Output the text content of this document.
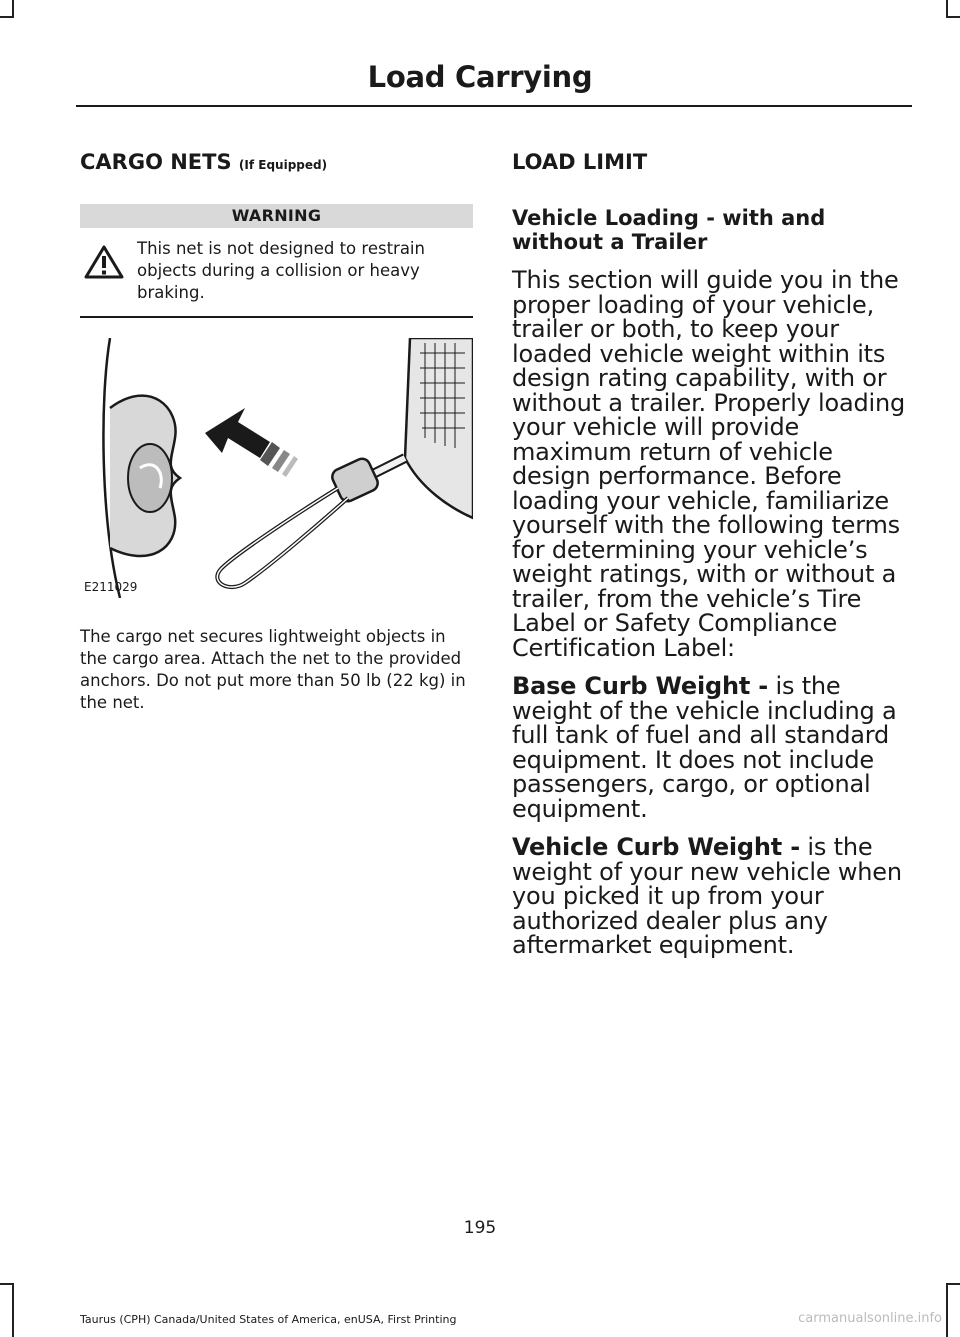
Load Carrying
CARGO NETS (If Equipped)
WARNING
This net is not designed to restrain objects during a collision or heavy braking.
E211029
The cargo net secures lightweight objects in the cargo area. Attach the net to the provided anchors. Do not put more than 50 lb (22 kg) in the net.
LOAD LIMIT
Vehicle Loading - with and without a Trailer
This section will guide you in the proper loading of your vehicle, trailer or both, to keep your loaded vehicle weight within its design rating capability, with or without a trailer. Properly loading your vehicle will provide maximum return of vehicle design performance. Before loading your vehicle, familiarize yourself with the following terms for determining your vehicle’s weight ratings, with or without a trailer, from the vehicle’s Tire Label or Safety Compliance Certification Label:
Base Curb Weight - is the weight of the vehicle including a full tank of fuel and all standard equipment. It does not include passengers, cargo, or optional equipment.
Vehicle Curb Weight - is the weight of your new vehicle when you picked it up from your authorized dealer plus any aftermarket equipment.
195
Taurus (CPH) Canada/United States of America, enUSA, First Printing	carmanualsonline.info
